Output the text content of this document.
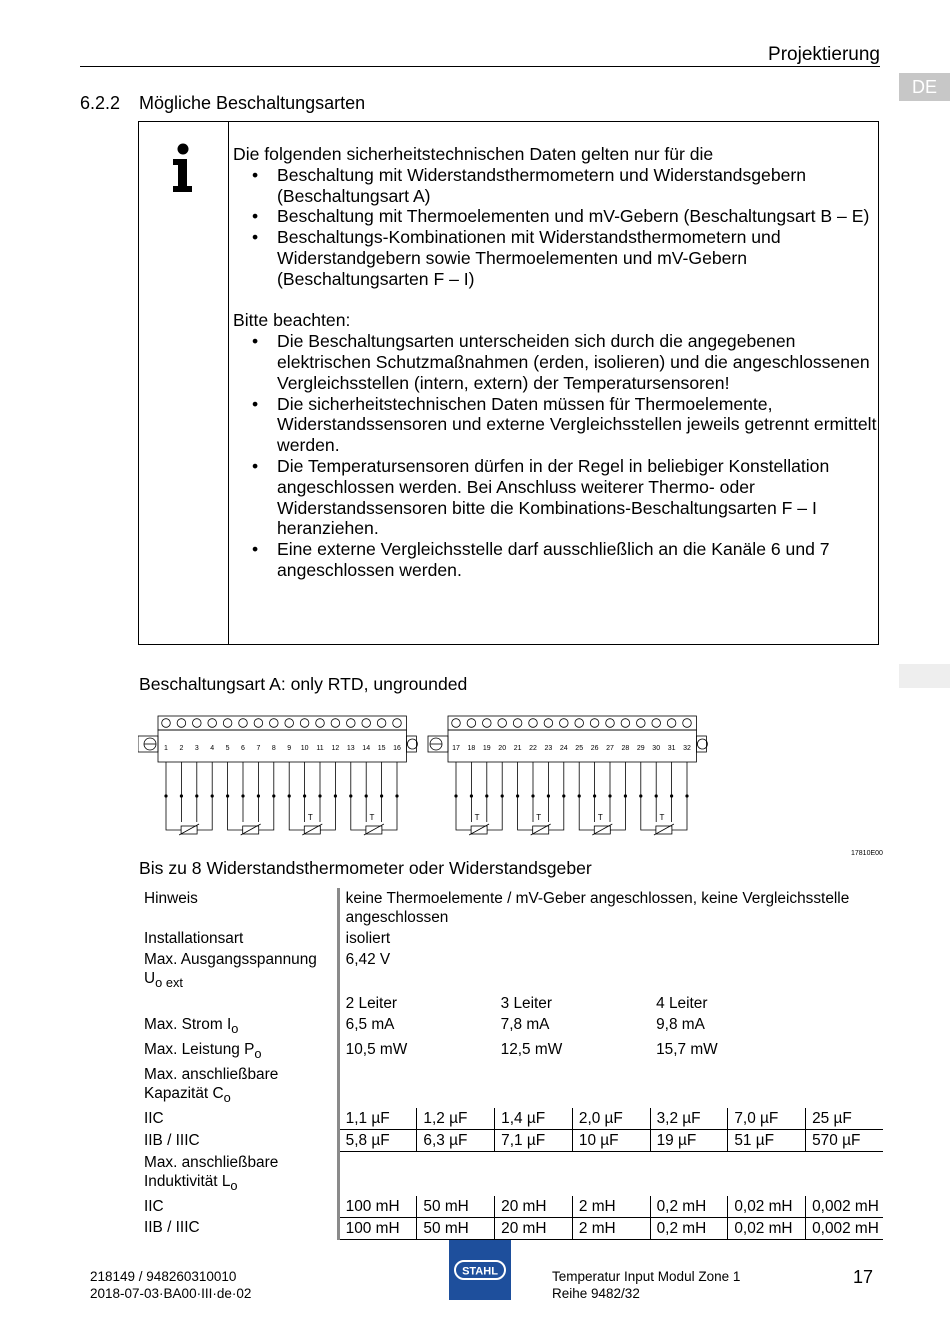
Projektierung
DE
6.2.2 Mögliche Beschaltungsarten

Die folgenden sicherheitstechnischen Daten gelten nur für die

• Beschaltung mit Widerstandsthermometern und Widerstandsgebern (Beschaltungsart A)
• Beschaltung mit Thermoelementen und mV-Gebern (Beschaltungsart B – E)
• Beschaltungs-Kombinationen mit Widerstandsthermometern und Widerstandgebern sowie Thermoelementen und mV-Gebern (Beschaltungsarten F – I)

Bitte beachten:

• Die Beschaltungsarten unterscheiden sich durch die angegebenen elektrischen Schutzmaßnahmen (erden, isolieren) und die angeschlossenen Vergleichsstellen (intern, extern) der Temperatursensoren!
• Die sicherheitstechnischen Daten müssen für Thermoelemente, Widerstandssensoren und externe Vergleichsstellen jeweils getrennt ermittelt werden.
• Die Temperatursensoren dürfen in der Regel in beliebiger Konstellation angeschlossen werden. Bei Anschluss weiterer Thermo- oder Widerstandssensoren bitte die Kombinations-Beschaltungsarten F – I heranziehen.
• Eine externe Vergleichsstelle darf ausschließlich an die Kanäle 6 und 7 angeschlossen werden.
Beschaltungsart A: only RTD, ungrounded
1 2 3 4 5 6 7 8 9 10 11 12 13 14 15 16
T	T
17 18 19 20 21 22 23 24 25 26 27 28 29 30 31 32
T	T	T	T
17810E00
Bis zu 8 Widerstandsthermometer oder Widerstandsgeber
Hinweis	keine Thermoelemente / mV-Geber angeschlossen, keine Vergleichsstelle angeschlossen						
Installationsart	isoliert						
Max. Ausgangsspannung
$U_{o ext}$	6,42 V						
	2 Leiter		3 Leiter		4 Leiter		
Max. Strom $I_o$	6,5 mA		7,8 mA		9,8 mA		
Max. Leistung $P_o$	10,5 mW		12,5 mW		15,7 mW		
Max. anschließbare
Kapazität $C_o$	
IIC	1,1 µF	1,2 µF	1,4 µF	2,0 µF	3,2 µF	7,0 µF	25 µF
IIB / IIIC	5,8 µF	6,3 µF	7,1 µF	10 µF	19 µF	51 µF	570 µF
Max. anschließbare
Induktivität $L_o$	
IIC	100 mH	50 mH	20 mH	2 mH	0,2 mH	0,02 mH	0,002 mH
IIB / IIIC	100 mH	50 mH	20 mH	2 mH	0,2 mH	0,02 mH	0,002 mH
218149 / 948260310010
2018-07-03·BA00·III·de·02
STAHL	Temperatur Input Modul Zone 1
Reihe 9482/32
17
